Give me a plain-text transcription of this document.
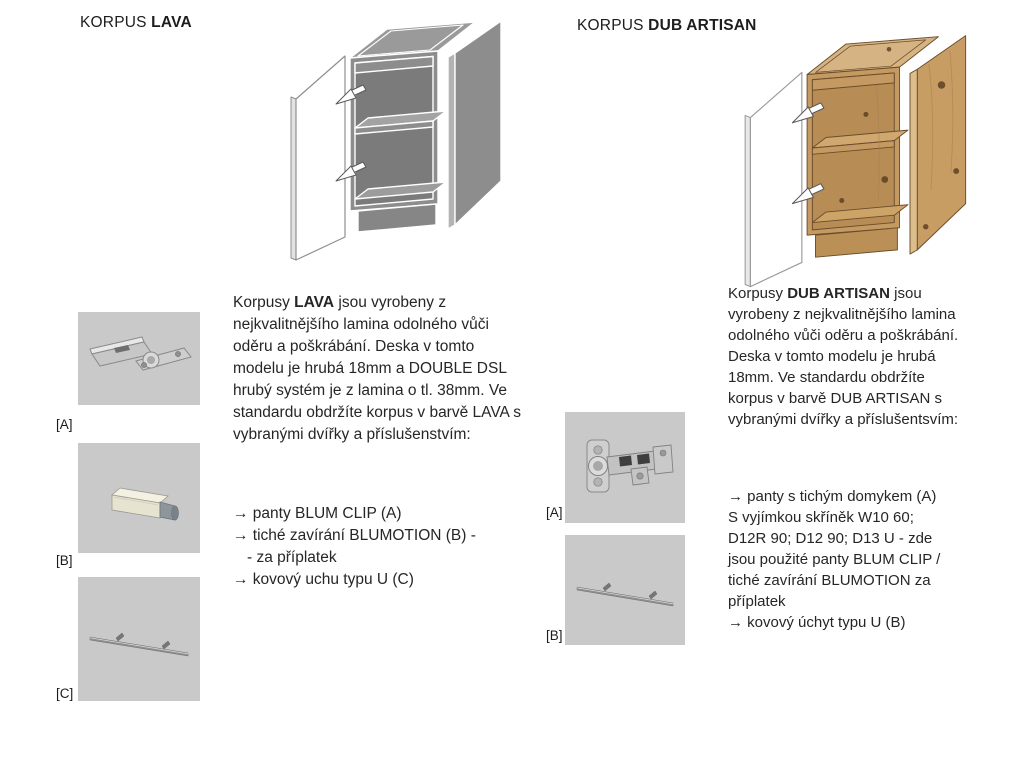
KORPUS LAVA
[A]
[B]
[C]
Korpusy LAVA jsou vyrobeny z nejkvalitnějšího lamina odolného vůči oděru a poškrábání. Deska v tomto modelu je hrubá 18mm a DOUBLE DSL hrubý systém je z lamina o tl. 38mm. Ve standardu obdržíte korpus v barvě LAVA s vybranými dvířky a příslušenstvím:
→ panty BLUM CLIP (A)
→ tiché zavírání BLUMOTION (B) -
- za příplatek
→ kovový uchu typu U (C)
KORPUS DUB ARTISAN
[A]
[B]
Korpusy DUB ARTISAN jsou vyrobeny z nejkvalitnějšího lamina odolného vůči oděru a poškrábání. Deska v tomto modelu je hrubá 18mm. Ve standardu obdržíte korpus v barvě DUB ARTISAN s vybranými dvířky a příslušentsvím:
→ panty s tichým domykem (A)
S vyjímkou skříněk W10 60;
D12R 90; D12 90; D13 U - zde
jsou použité panty BLUM CLIP /
tiché zavírání BLUMOTION za
příplatek
→ kovový úchyt typu U (B)
